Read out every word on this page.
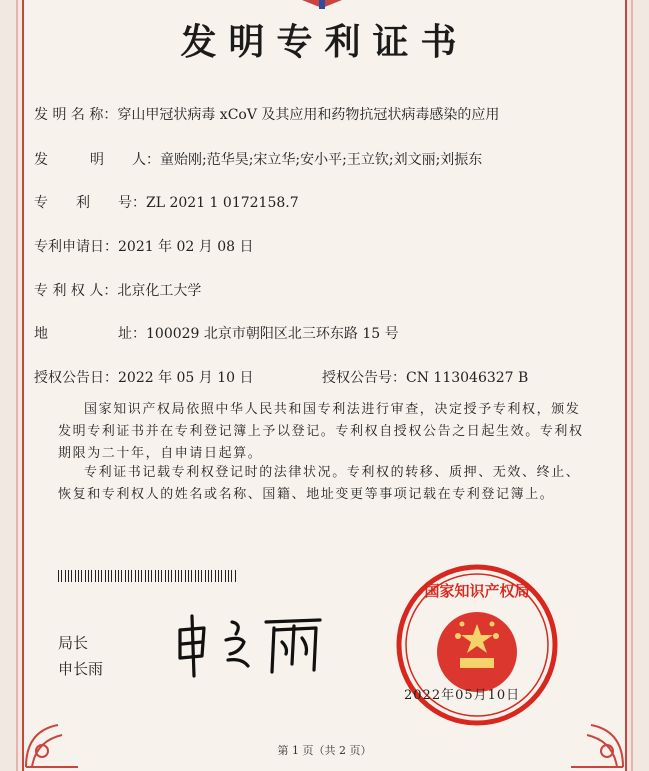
发明专利证书
发 明 名 称：穿山甲冠状病毒 xCoV 及其应用和药物抗冠状病毒感染的应用
发　　　明　　人：童贻刚;范华昊;宋立华;安小平;王立钦;刘文丽;刘振东
专　　利　　号：ZL 2021 1 0172158.7
专利申请日：2021 年 02 月 08 日
专 利 权 人：北京化工大学
地　　　　　址：100029 北京市朝阳区北三环东路 15 号
授权公告日：2022 年 05 月 10 日	授权公告号：CN 113046327 B
国家知识产权局依照中华人民共和国专利法进行审查，决定授予专利权，颁发发明专利证书并在专利登记簿上予以登记。专利权自授权公告之日起生效。专利权期限为二十年，自申请日起算。
专利证书记载专利权登记时的法律状况。专利权的转移、质押、无效、终止、恢复和专利权人的姓名或名称、国籍、地址变更等事项记载在专利登记簿上。
局长
申长雨
国家知识产权局
2022年05月10日
第 1 页（共 2 页）
